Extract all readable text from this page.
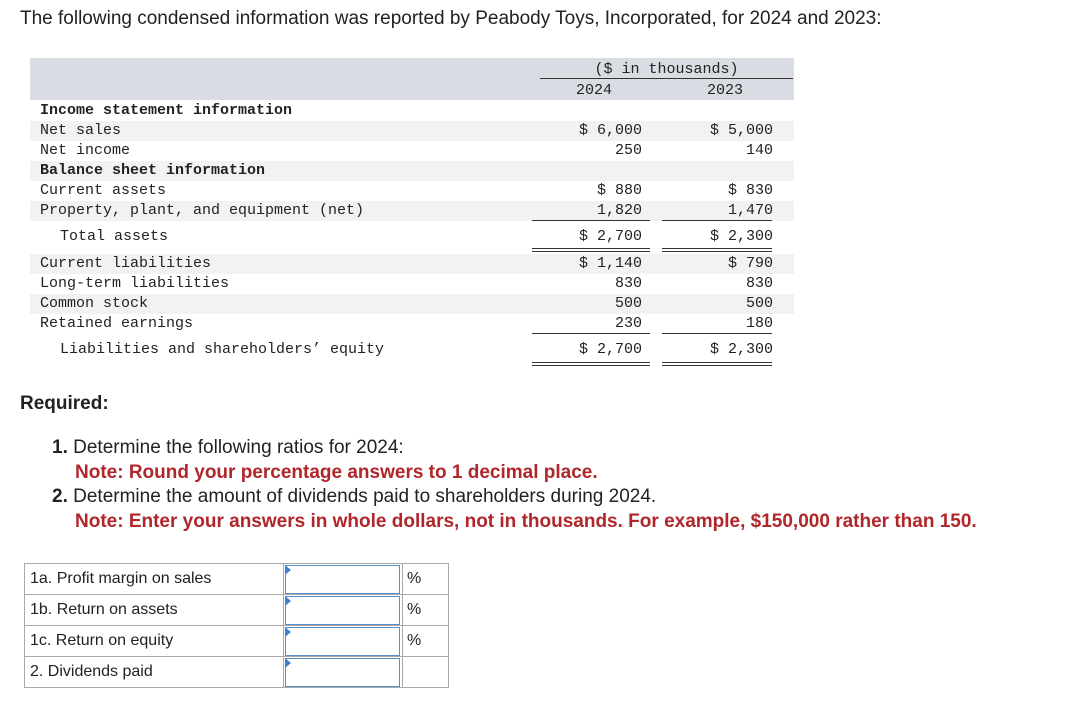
The following condensed information was reported by Peabody Toys, Incorporated, for 2024 and 2023:
($ in thousands)
2024	2023
Income statement information
Net sales	$ 6,000	$ 5,000
Net income	250	140
Balance sheet information
Current assets	$ 880	$ 830
Property, plant, and equipment (net)	1,820	1,470
Total assets	$ 2,700	$ 2,300
Current liabilities	$ 1,140	$ 790
Long-term liabilities	830	830
Common stock	500	500
Retained earnings	230	180
Liabilities and shareholders’ equity	$ 2,700	$ 2,300
Required:
1. Determine the following ratios for 2024:
Note: Round your percentage answers to 1 decimal place.
2. Determine the amount of dividends paid to shareholders during 2024.
Note: Enter your answers in whole dollars, not in thousands. For example, $150,000 rather than 150.
1a. Profit margin on sales		%
1b. Return on assets		%
1c. Return on equity		%
2. Dividends paid	
